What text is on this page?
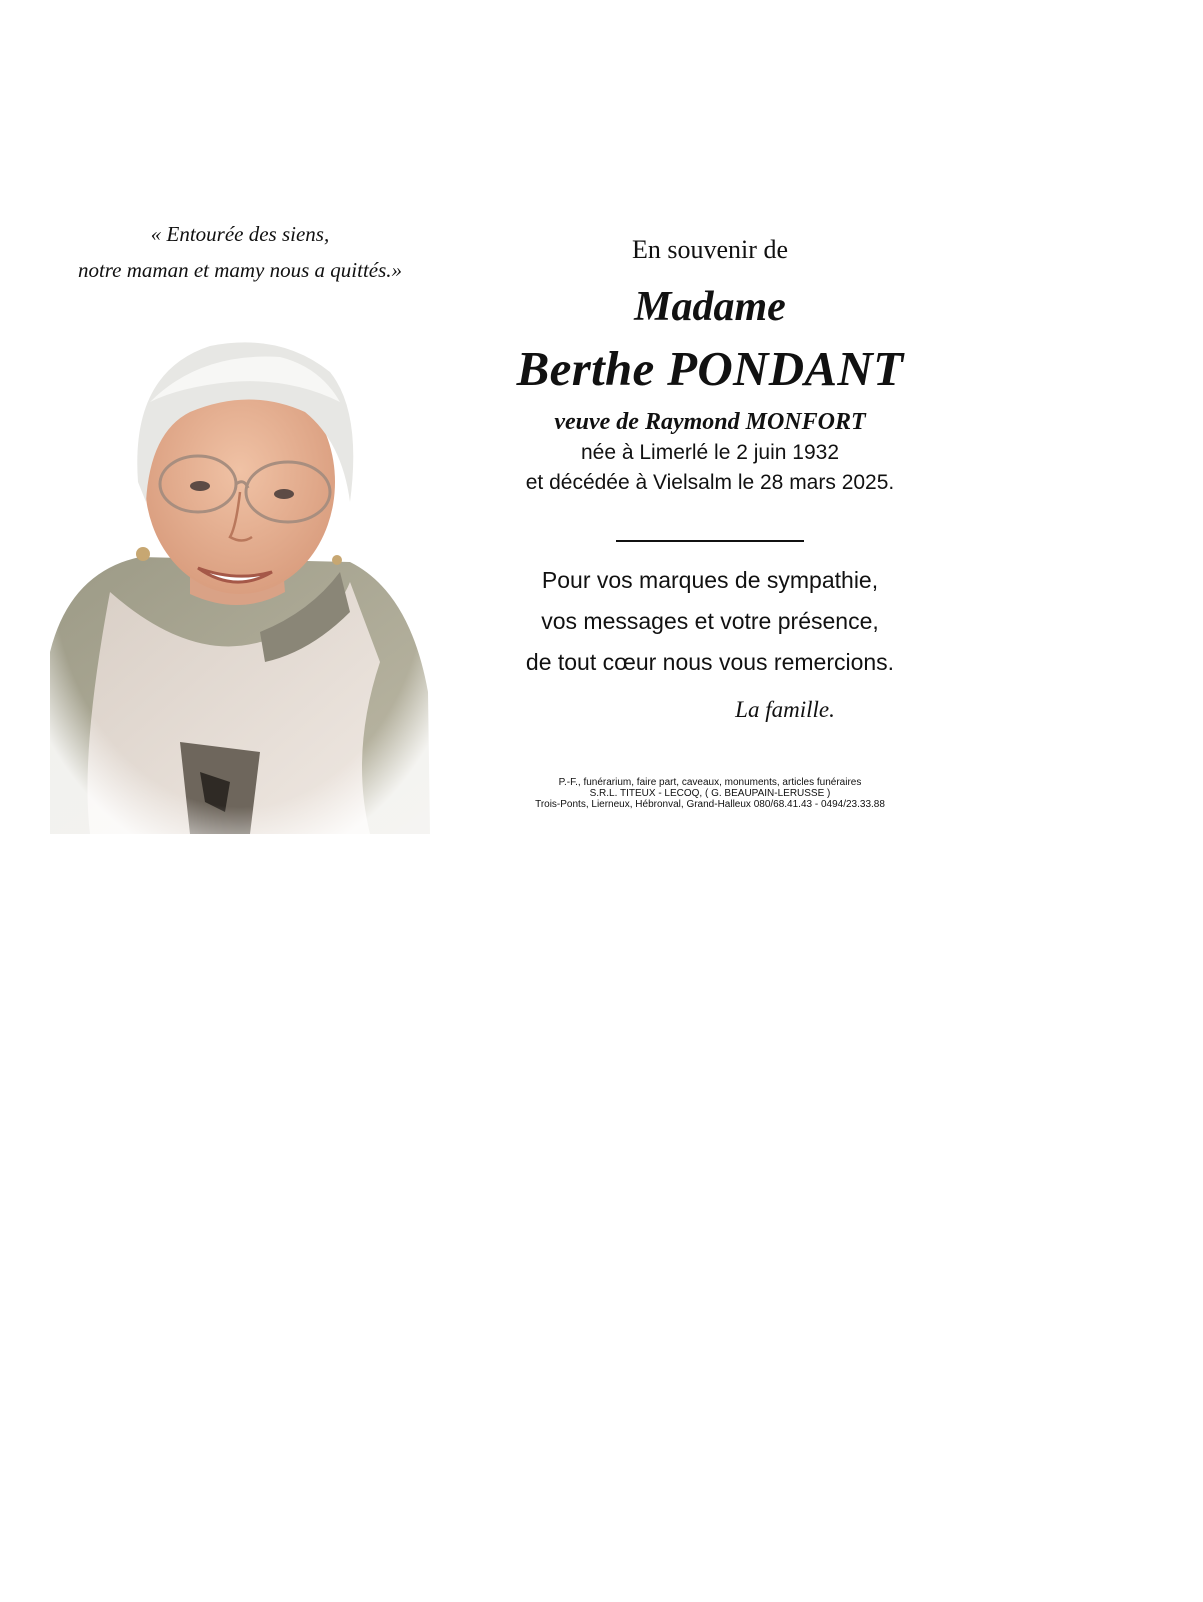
« Entourée des siens,
notre maman et mamy nous a quittés.»
En souvenir de
Madame
Berthe PONDANT
veuve de Raymond MONFORT
née à Limerlé le 2 juin 1932
et décédée à Vielsalm le 28 mars 2025.
Pour vos marques de sympathie,
vos messages et votre présence,
de tout cœur nous vous remercions.
La famille.
P.-F., funérarium, faire part, caveaux, monuments, articles funéraires
S.R.L. TITEUX - LECOQ, ( G. BEAUPAIN-LERUSSE )
Trois-Ponts, Lierneux, Hébronval, Grand-Halleux 080/68.41.43 - 0494/23.33.88
